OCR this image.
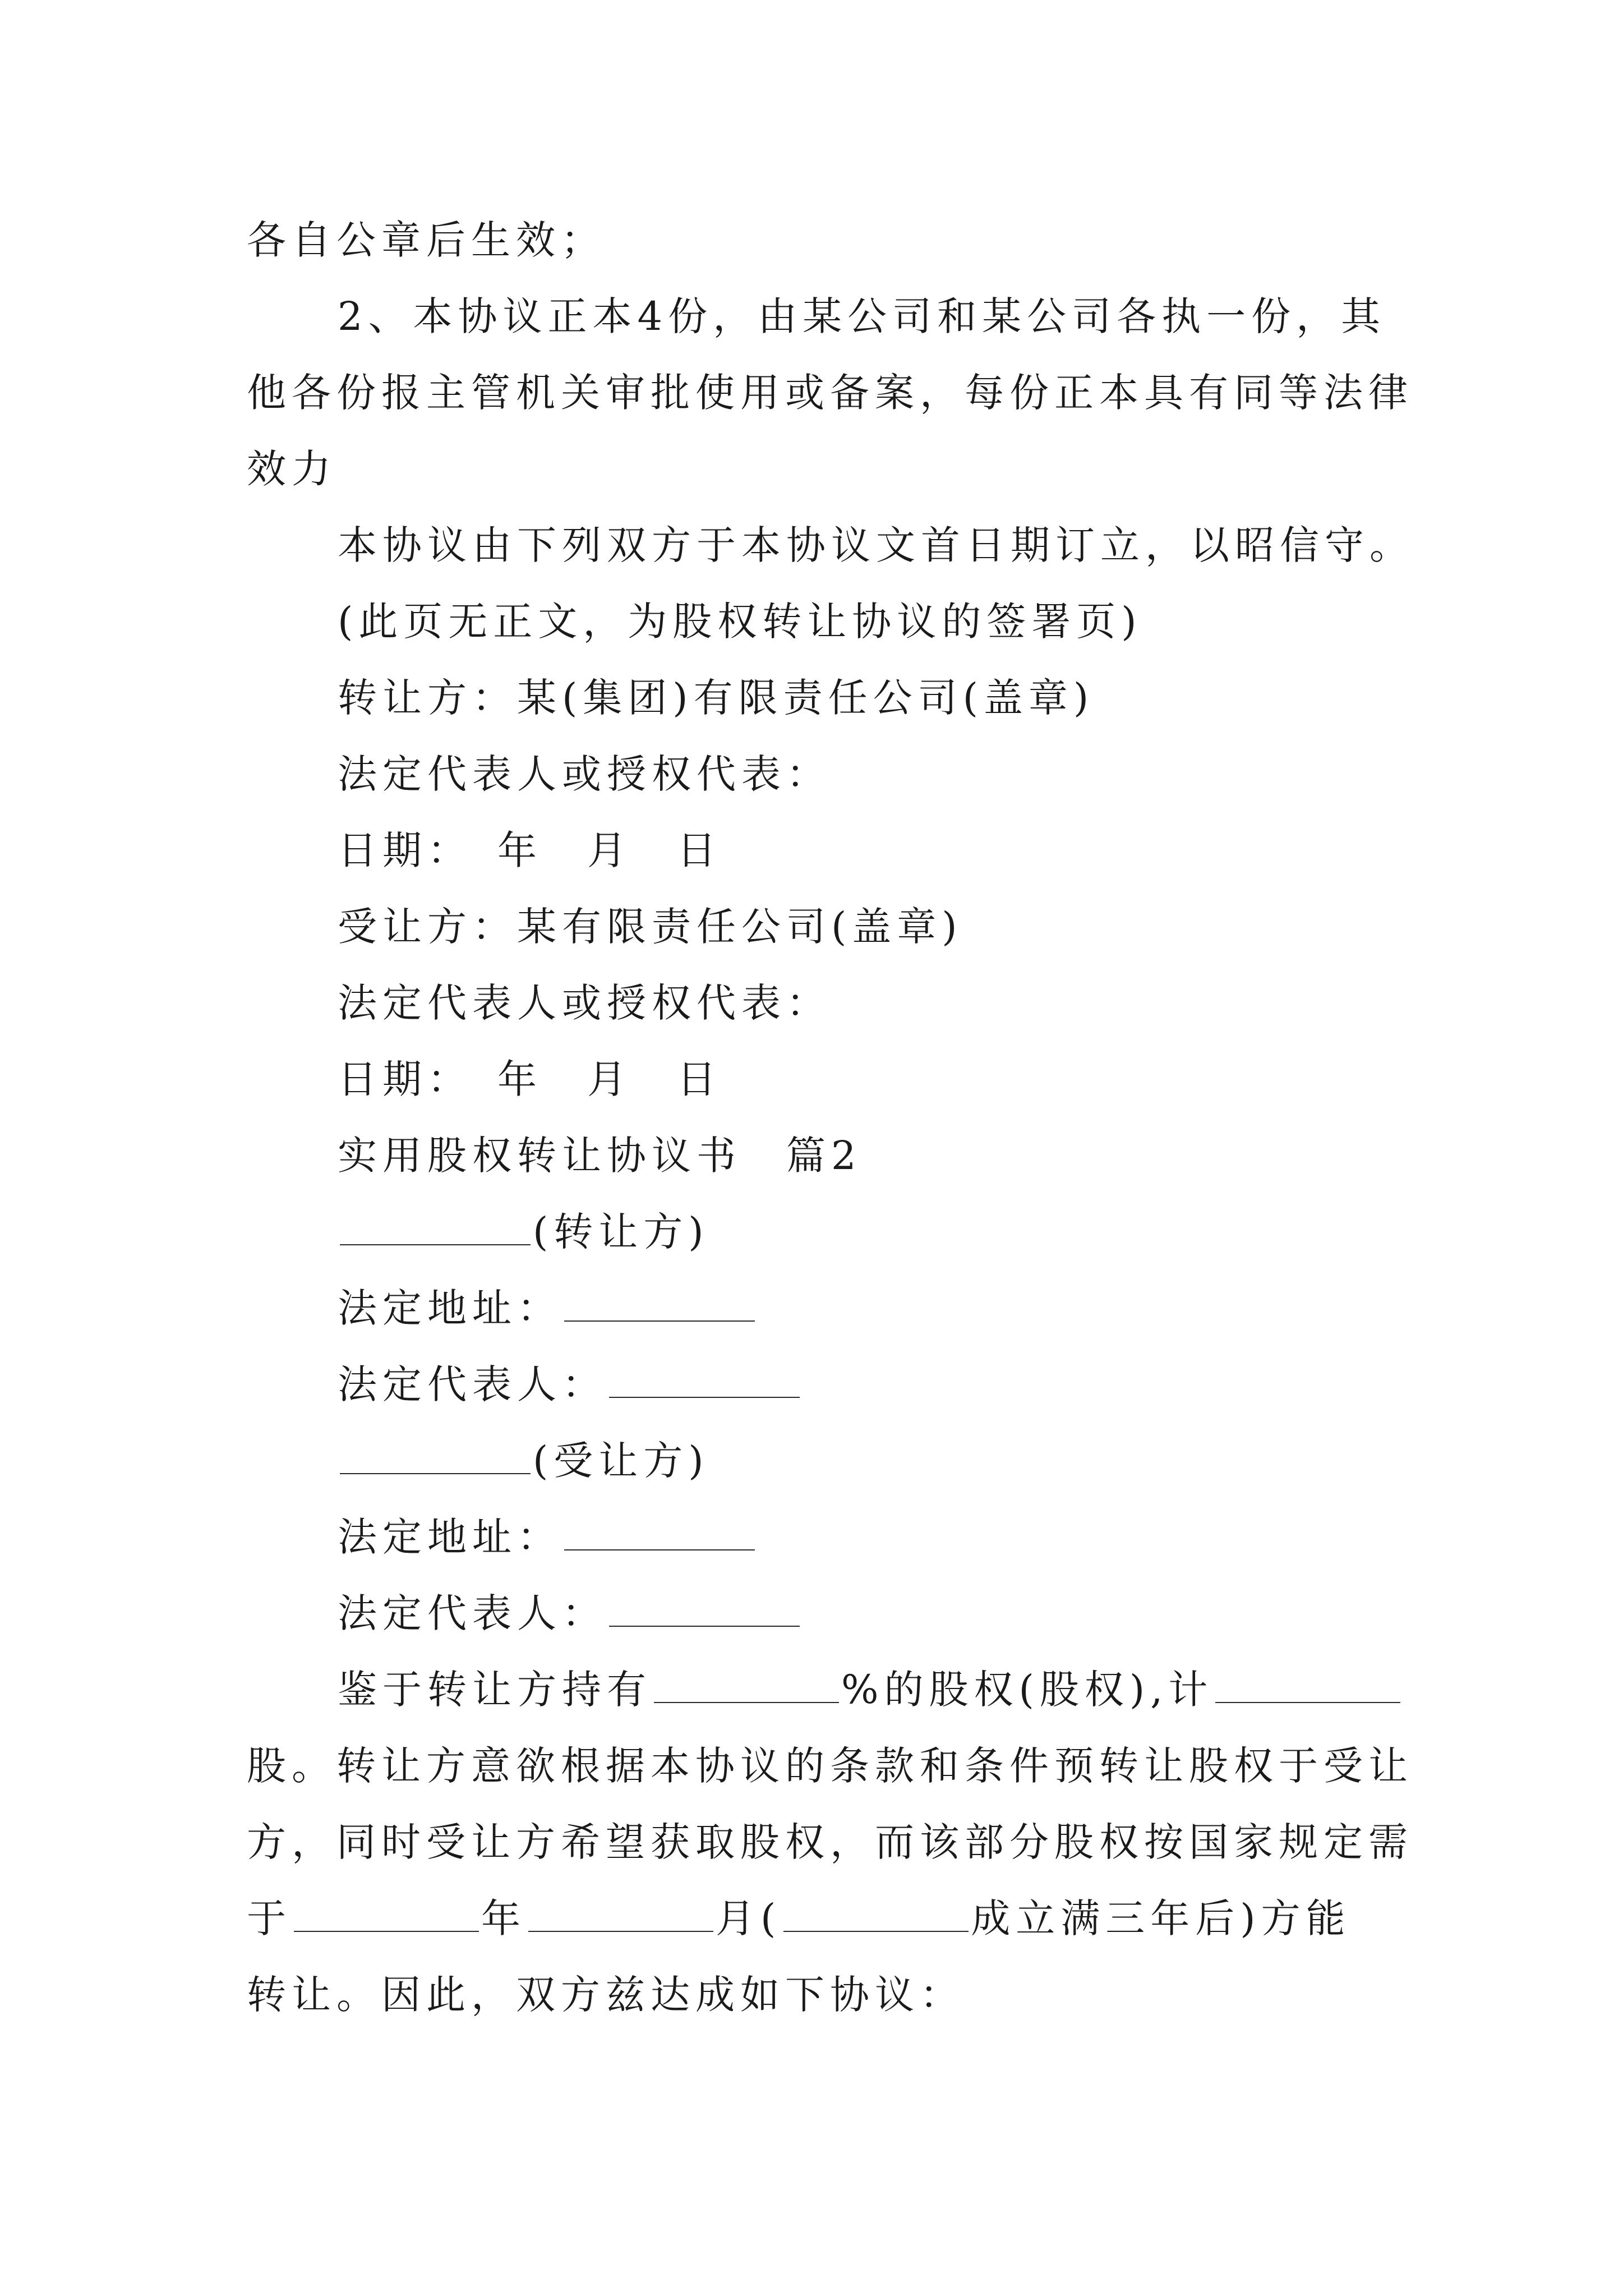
各自公章后生效；
2、本协议正本4份，由某公司和某公司各执一份，其
他各份报主管机关审批使用或备案，每份正本具有同等法律
效力
本协议由下列双方于本协议文首日期订立，以昭信守。
(此页无正文，为股权转让协议的签署页)
转让方：某(集团)有限责任公司(盖章)
法定代表人或授权代表：
日期：　年　月　日
受让方：某有限责任公司(盖章)
法定代表人或授权代表：
日期：　年　月　日
实用股权转让协议书　篇2
(转让方)
法定地址：
法定代表人：
(受让方)
法定地址：
法定代表人：
鉴于转让方持有	%的股权(股权),计
股。转让方意欲根据本协议的条款和条件预转让股权于受让
方，同时受让方希望获取股权，而该部分股权按国家规定需
于	年	月(	成立满三年后)方能
转让。因此，双方兹达成如下协议：
